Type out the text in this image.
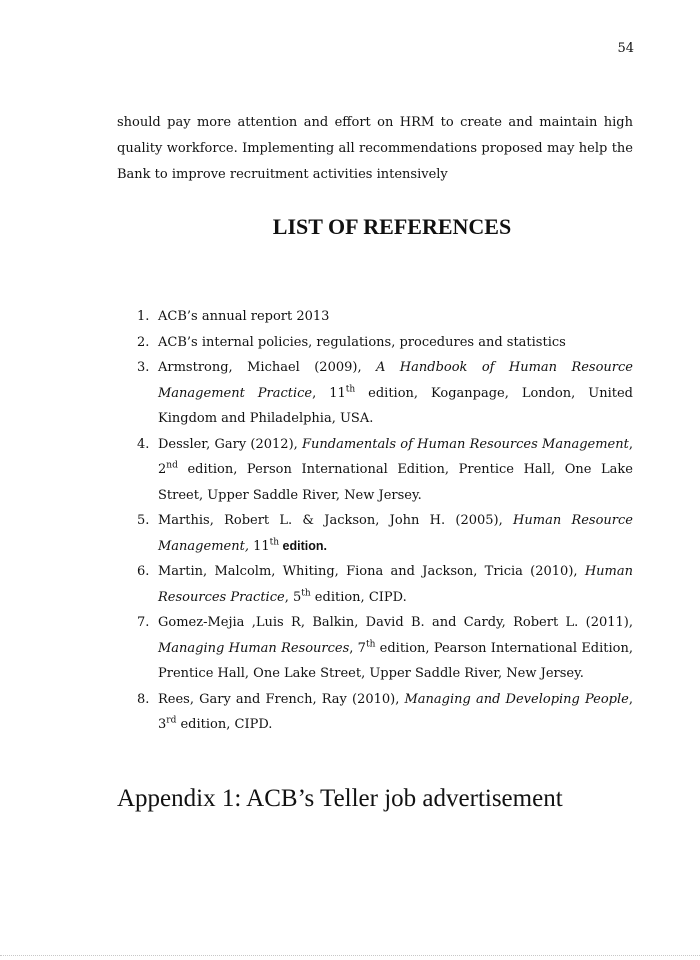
54

should pay more attention and effort on HRM to create and maintain high quality workforce. Implementing all recommendations proposed may help the Bank to improve recruitment activities intensively

LIST OF REFERENCES
1. ACB’s annual report 2013
2. ACB’s internal policies, regulations, procedures and statistics
3. Armstrong, Michael (2009), A Handbook of Human Resource Management Practice, 11th edition, Koganpage, London, United Kingdom and Philadelphia, USA.
4. Dessler, Gary (2012), Fundamentals of Human Resources Management, 2nd edition, Person International Edition, Prentice Hall, One Lake Street, Upper Saddle River, New Jersey.
5. Marthis, Robert L. & Jackson, John H. (2005), Human Resource Management, 11th edition.
6. Martin, Malcolm, Whiting, Fiona and Jackson, Tricia (2010), Human Resources Practice, 5th edition, CIPD.
7. Gomez-Mejia ,Luis R, Balkin, David B. and Cardy, Robert L. (2011), Managing Human Resources, 7th edition, Pearson International Edition, Prentice Hall, One Lake Street, Upper Saddle River, New Jersey.
8. Rees, Gary and French, Ray (2010), Managing and Developing People, 3rd edition, CIPD.
Appendix 1: ACB’s Teller job advertisement
